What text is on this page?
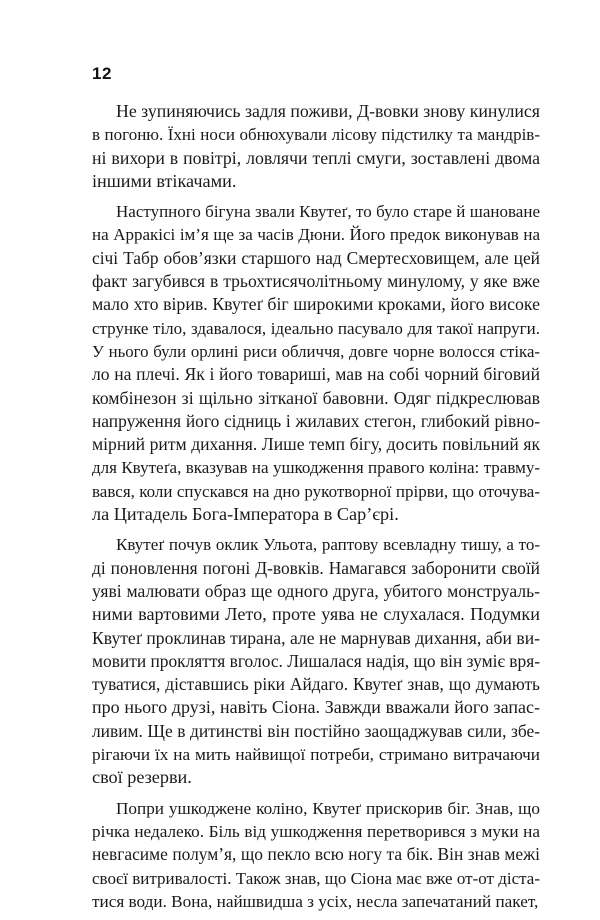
12
Не зупиняючись задля поживи, Д-вовки знову кинулися
в погоню. Їхні носи обнюхували лісову підстилку та мандрів-
ні вихори в повітрі, ловлячи теплі смуги, зоставлені двома
іншими втікачами.
Наступного бігуна звали Квутеґ, то було старе й шановане
на Арракісі ім’я ще за часів Дюни. Його предок виконував на
січі Табр обов’язки старшого над Смертесховищем, але цей
факт загубився в трьохтисячолітньому минулому, у яке вже
мало хто вірив. Квутеґ біг широкими кроками, його високе
струнке тіло, здавалося, ідеально пасувало для такої напруги.
У нього були орлині риси обличчя, довге чорне волосся стіка-
ло на плечі. Як і його товариші, мав на собі чорний біговий
комбінезон зі щільно зітканої бавовни. Одяг підкреслював
напруження його сідниць і жилавих стегон, глибокий рівно-
мірний ритм дихання. Лише темп бігу, досить повільний як
для Квутеґа, вказував на ушкодження правого коліна: травму-
вався, коли спускався на дно рукотворної прірви, що оточува-
ла Цитадель Бога-Імператора в Сар’єрі.
Квутеґ почув оклик Ульота, раптову всевладну тишу, а то-
ді поновлення погоні Д-вовків. Намагався заборонити своїй
уяві малювати образ ще одного друга, убитого монструаль-
ними вартовими Лето, проте уява не слухалася. Подумки
Квутеґ проклинав тирана, але не марнував дихання, аби ви-
мовити прокляття вголос. Лишалася надія, що він зуміє вря-
туватися, діставшись ріки Айдаго. Квутеґ знав, що думають
про нього друзі, навіть Сіона. Завжди вважали його запас-
ливим. Ще в дитинстві він постійно заощаджував сили, збе-
рігаючи їх на мить найвищої потреби, стримано витрачаючи
свої резерви.
Попри ушкоджене коліно, Квутеґ прискорив біг. Знав, що
річка недалеко. Біль від ушкодження перетворився з муки на
невгасиме полум’я, що пекло всю ногу та бік. Він знав межі
своєї витривалості. Також знав, що Сіона має вже от-от діста-
тися води. Вона, найшвидша з усіх, несла запечатаний пакет,
